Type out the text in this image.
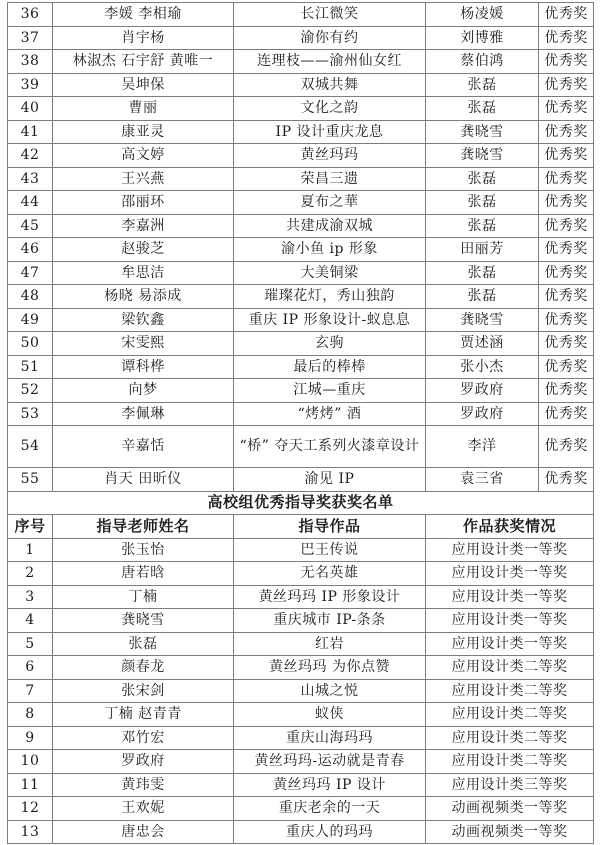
36	李媛 李相瑜	长江微笑	杨凌媛	优秀奖
37	肖宇杨	渝你有约	刘博雅	优秀奖
38	林淑杰 石宇舒 黄唯一	连理枝——渝州仙女红	蔡伯鸿	优秀奖
39	吴坤保	双城共舞	张磊	优秀奖
40	曹丽	文化之韵	张磊	优秀奖
41	康亚灵	IP 设计重庆龙息	龚晓雪	优秀奖
42	高文婷	黄丝玛玛	龚晓雪	优秀奖
43	王兴燕	荣昌三遗	张磊	优秀奖
44	邵丽环	夏布之華	张磊	优秀奖
45	李嘉洲	共建成渝双城	张磊	优秀奖
46	赵骏芝	渝小鱼 ip 形象	田丽芳	优秀奖
47	牟思洁	大美铜梁	张磊	优秀奖
48	杨晓 易添成	璀璨花灯，秀山独韵	张磊	优秀奖
49	梁钦鑫	重庆 IP 形象设计-蚁息息	龚晓雪	优秀奖
50	宋雯熙	玄驹	贾述涵	优秀奖
51	谭科桦	最后的棒棒	张小杰	优秀奖
52	向梦	江城—重庆	罗政府	优秀奖
53	李佩琳	“烤烤” 酒	罗政府	优秀奖
54	辛嘉恬	“桥” 夺天工系列火漆章设计	李洋	优秀奖
55	肖天 田昕仪	渝见 IP	袁三省	优秀奖
高校组优秀指导奖获奖名单				
序号	指导老师姓名	指导作品	作品获奖情况	
1	张玉怡	巴王传说	应用设计类一等奖	
2	唐若晗	无名英雄	应用设计类一等奖	
3	丁楠	黄丝玛玛 IP 形象设计	应用设计类一等奖	
4	龚晓雪	重庆城市 IP-条条	应用设计类一等奖	
5	张磊	红岩	应用设计类一等奖	
6	颜春龙	黄丝玛玛 为你点赞	应用设计类二等奖	
7	张宋剑	山城之悦	应用设计类二等奖	
8	丁楠 赵青青	蚁侠	应用设计类二等奖	
9	邓竹宏	重庆山海玛玛	应用设计类二等奖	
10	罗政府	黄丝玛玛-运动就是青春	应用设计类二等奖	
11	黄玮雯	黄丝玛玛 IP 设计	应用设计类三等奖	
12	王欢妮	重庆老余的一天	动画视频类一等奖	
13	唐忠会	重庆人的玛玛	动画视频类一等奖	
